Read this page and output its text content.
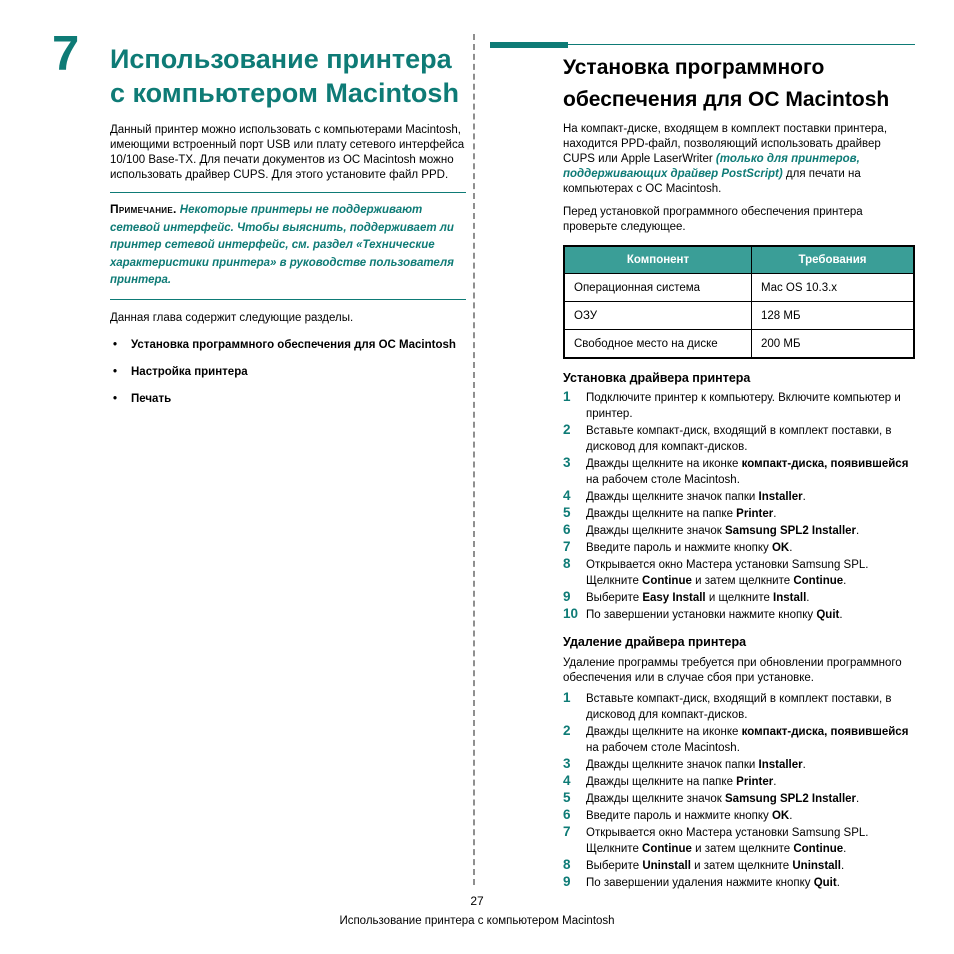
7 Использование принтера
с компьютером Macintosh

Данный принтер можно использовать с компьютерами Macintosh, имеющими встроенный порт USB или плату сетевого интерфейса 10/100 Base-TX. Для печати документов из ОС Macintosh можно использовать драйвер CUPS. Для этого установите файл PPD.

Примечание. Некоторые принтеры не поддерживают сетевой интерфейс. Чтобы выяснить, поддерживает ли принтер сетевой интерфейс, см. раздел «Технические характеристики принтера» в руководстве пользователя принтера.

Данная глава содержит следующие разделы.

• Установка программного обеспечения для ОС Macintosh
• Настройка принтера
• Печать
Установка программного
обеспечения для ОС Macintosh

На компакт-диске, входящем в комплект поставки принтера, находится PPD-файл, позволяющий использовать драйвер CUPS или Apple LaserWriter (только для принтеров, поддерживающих драйвер PostScript) для печати на компьютерах с ОС Macintosh.

Перед установкой программного обеспечения принтера проверьте следующее.

Компонент	Требования
Операционная система	Mac OS 10.3.x
ОЗУ	128 МБ
Свободное место на диске	200 МБ
Установка драйвера принтера
1 Подключите принтер к компьютеру. Включите компьютер и принтер.
2 Вставьте компакт-диск, входящий в комплект поставки, в дисковод для компакт-дисков.
3 Дважды щелкните на иконке компакт-диска, появившейся на рабочем столе Macintosh.
4 Дважды щелкните значок папки Installer.
5 Дважды щелкните на папке Printer.
6 Дважды щелкните значок Samsung SPL2 Installer.
7 Введите пароль и нажмите кнопку OK.
8 Открывается окно Мастера установки Samsung SPL. Щелкните Continue и затем щелкните Continue.
9 Выберите Easy Install и щелкните Install.
10 По завершении установки нажмите кнопку Quit.
Удаление драйвера принтера

Удаление программы требуется при обновлении программного обеспечения или в случае сбоя при установке.

1 Вставьте компакт-диск, входящий в комплект поставки, в дисковод для компакт-дисков.
2 Дважды щелкните на иконке компакт-диска, появившейся на рабочем столе Macintosh.
3 Дважды щелкните значок папки Installer.
4 Дважды щелкните на папке Printer.
5 Дважды щелкните значок Samsung SPL2 Installer.
6 Введите пароль и нажмите кнопку OK.
7 Открывается окно Мастера установки Samsung SPL. Щелкните Continue и затем щелкните Continue.
8 Выберите Uninstall и затем щелкните Uninstall.
9 По завершении удаления нажмите кнопку Quit.
27
Использование принтера с компьютером Macintosh
